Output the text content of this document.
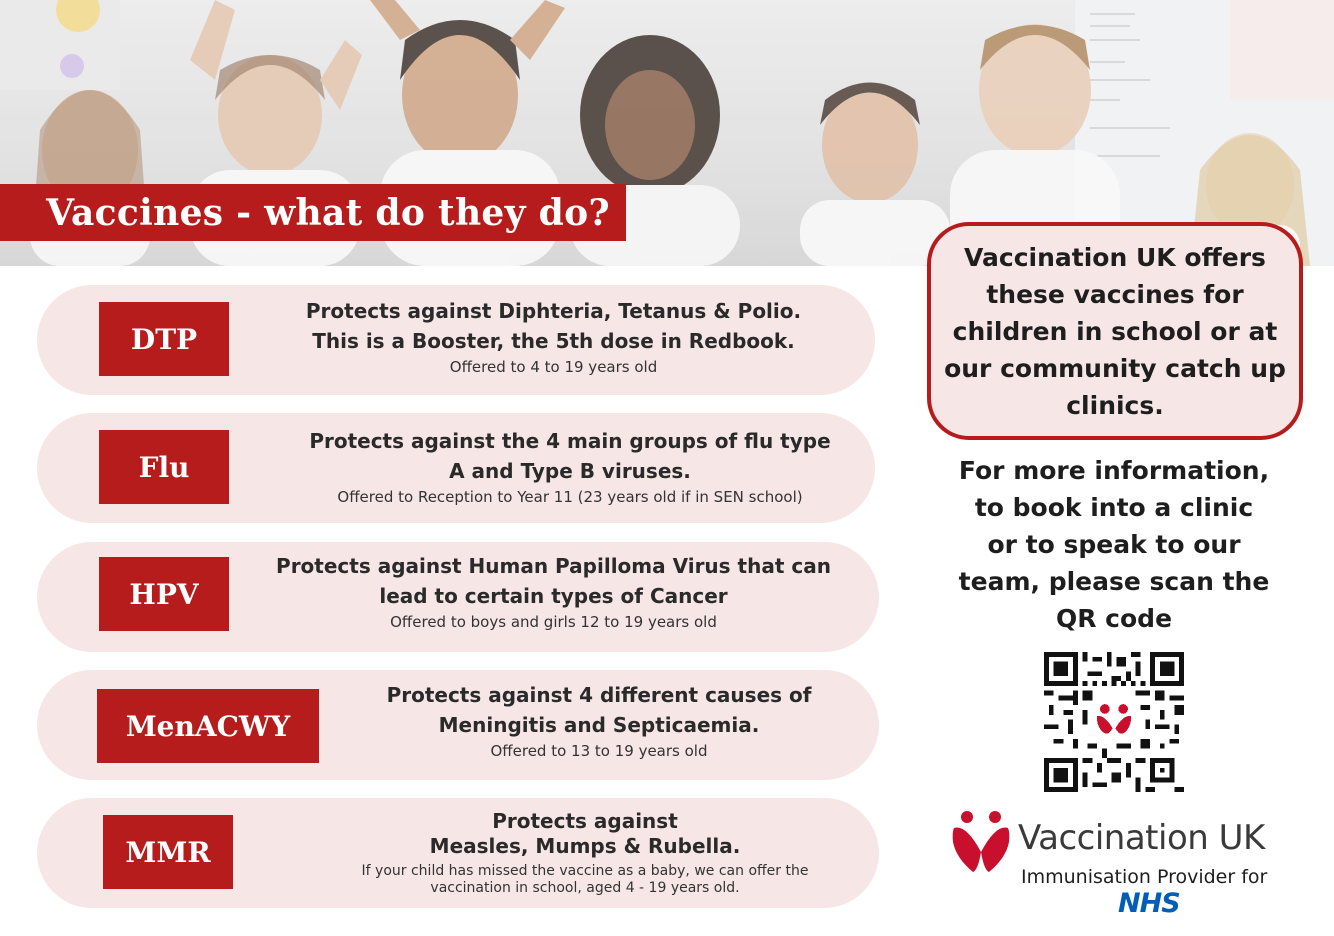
Vaccines - what do they do?
DTP
Protects against Diphteria, Tetanus & Polio.
This is a Booster, the 5th dose in Redbook.
Offered to 4 to 19 years old
Flu
Protects against the 4 main groups of flu type
A and Type B viruses.
Offered to Reception to Year 11 (23 years old if in SEN school)
HPV
Protects against Human Papilloma Virus that can
lead to certain types of Cancer
Offered to boys and girls 12 to 19 years old
MenACWY
Protects against 4 different causes of
Meningitis and Septicaemia.
Offered to 13 to 19 years old
MMR
Protects against
Measles, Mumps & Rubella.
If your child has missed the vaccine as a baby, we can offer the
vaccination in school, aged 4 - 19 years old.
Vaccination UK offers
these vaccines for
children in school or at
our community catch up
clinics.
For more information,
to book into a clinic
or to speak to our
team, please scan the
QR code
Vaccination UK
Immunisation Provider for
NHS
